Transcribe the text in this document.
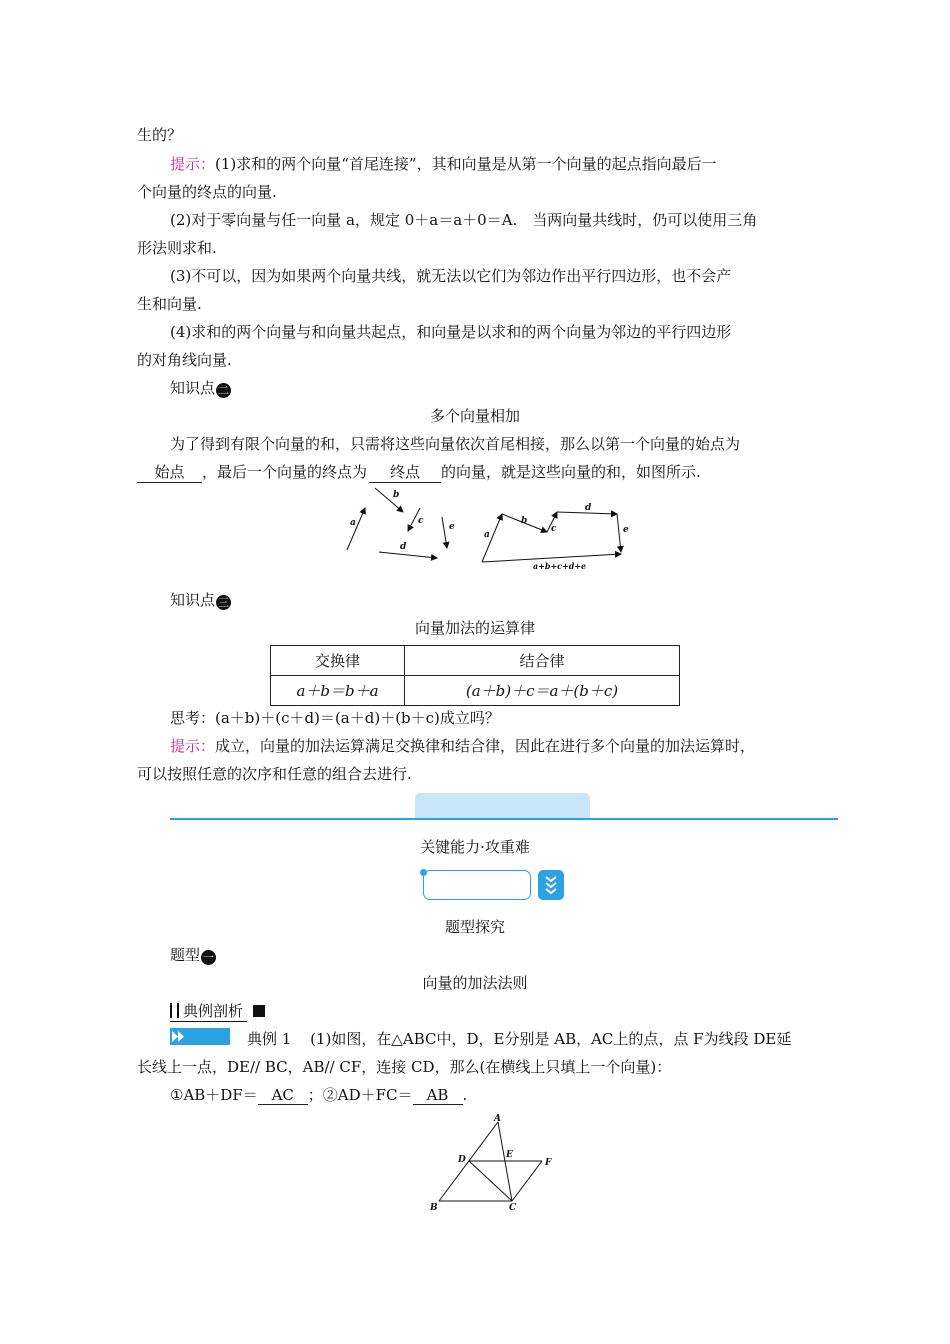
生的？
提示：(1)求和的两个向量“首尾连接”，其和向量是从第一个向量的起点指向最后一
个向量的终点的向量.
(2)对于零向量与任一向量 a，规定 0＋a＝a＋0＝A.　当两向量共线时，仍可以使用三角
形法则求和.
(3)不可以，因为如果两个向量共线，就无法以它们为邻边作出平行四边形，也不会产
生和向量.
(4)求和的两个向量与和向量共起点，和向量是以求和的两个向量为邻边的平行四边形
的对角线向量.
知识点 二
多个向量相加
为了得到有限个向量的和，只需将这些向量依次首尾相接，那么以第一个向量的始点为
始点 ，最后一个向量的终点为 终点 的向量，就是这些向量的和，如图所示.
a
b
c
d
e
a
b
c
d
e
a+b+c+d+e
知识点 三
向量加法的运算律
交换律	结合律
a＋b＝b＋a	(a＋b)＋c＝a＋(b＋c)
思考：(a＋b)＋(c＋d)＝(a＋d)＋(b＋c)成立吗？
提示：成立，向量的加法运算满足交换律和结合律，因此在进行多个向量的加法运算时，
可以按照任意的次序和任意的组合去进行.
关键能力·攻重难
题型探究
题型 一
向量的加法法则
典例剖析
典例 1 (1)如图，在△ABC中，D，E分别是 AB，AC上的点，点 F为线段 DE延
长线上一点，DE// BC，AB// CF，连接 CD，那么(在横线上只填上一个向量)：
①AB＋DF＝ AC ；②AD＋FC＝ AB .
A
D	E
F
B	C
